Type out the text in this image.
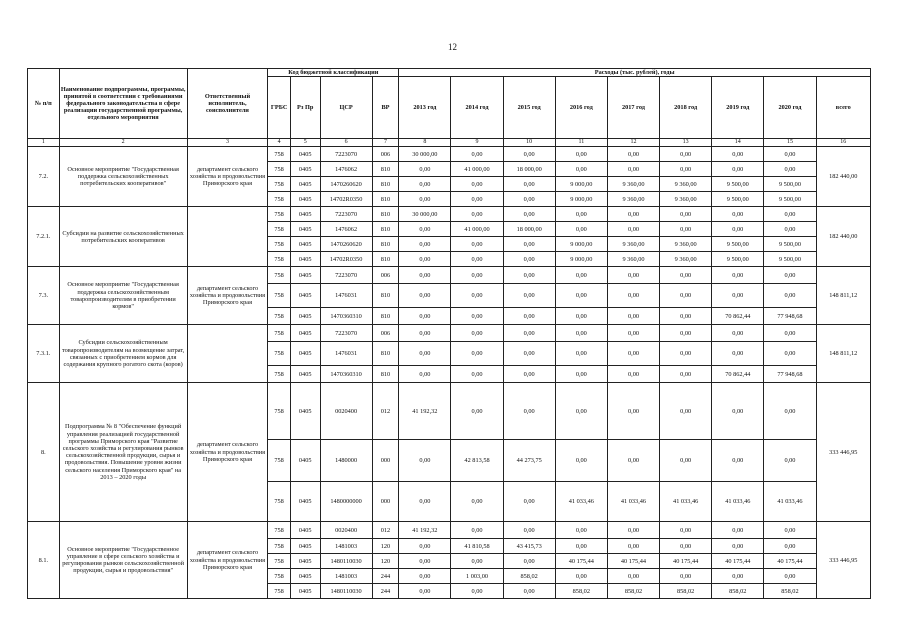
12
№ п/п	Наименование подпрограммы, программы, принятой в соответствии с требованиями федерального законодательства в сфере реализации государственной программы, отдельного мероприятия	Ответственный исполнитель, соисполнители	Код бюджетной классификации				Расходы (тыс. рублей), годы								
			ГРБС	Рз Пр	ЦСР	ВР	2013 год	2014 год	2015 год	2016 год	2017 год	2018 год	2019 год	2020 год	всего
1	2	3	4	5	6	7	8	9	10	11	12	13	14	15	16
7.2.	Основное мероприятие "Государственная поддержка сельскохозяйственных потребительских кооперативов"	департамент сельского хозяйства и продовольствия Приморского края	758	0405	7223070	006	30 000,00	0,00	0,00	0,00	0,00	0,00	0,00	0,00	182 440,00
			758	0405	1476062	810	0,00	41 000,00	18 000,00	0,00	0,00	0,00	0,00	0,00	
			758	0405	1470260620	810	0,00	0,00	0,00	9 000,00	9 360,00	9 360,00	9 500,00	9 500,00	
			758	0405	14702R0350	810	0,00	0,00	0,00	9 000,00	9 360,00	9 360,00	9 500,00	9 500,00	
7.2.1.	Субсидии на развитие сельскохозяйственных потребительских кооперативов		758	0405	7223070	810	30 000,00	0,00	0,00	0,00	0,00	0,00	0,00	0,00	182 440,00
			758	0405	1476062	810	0,00	41 000,00	18 000,00	0,00	0,00	0,00	0,00	0,00	
			758	0405	1470260620	810	0,00	0,00	0,00	9 000,00	9 360,00	9 360,00	9 500,00	9 500,00	
			758	0405	14702R0350	810	0,00	0,00	0,00	9 000,00	9 360,00	9 360,00	9 500,00	9 500,00	
7.3.	Основное мероприятие "Государственная поддержка сельскохозяйственным товаропроизводителям в приобретении кормов"	департамент сельского хозяйства и продовольствия Приморского края	758	0405	7223070	006	0,00	0,00	0,00	0,00	0,00	0,00	0,00	0,00	148 811,12
			758	0405	1476031	810	0,00	0,00	0,00	0,00	0,00	0,00	0,00	0,00	
			758	0405	1470360310	810	0,00	0,00	0,00	0,00	0,00	0,00	70 862,44	77 948,68	
7.3.1.	Субсидии сельскохозяйственным товаропроизводителям на возмещение затрат, связанных с приобретением кормов для содержания крупного рогатого скота (коров)		758	0405	7223070	006	0,00	0,00	0,00	0,00	0,00	0,00	0,00	0,00	148 811,12
			758	0405	1476031	810	0,00	0,00	0,00	0,00	0,00	0,00	0,00	0,00	
			758	0405	1470360310	810	0,00	0,00	0,00	0,00	0,00	0,00	70 862,44	77 948,68	
8.	Подпрограмма № 8 "Обеспечение функций управления реализацией государственной программы Приморского края "Развитие сельского хозяйства и регулирования рынков сельскохозяйственной продукции, сырья и продовольствия. Повышение уровня жизни сельского населения Приморского края" на 2013 – 2020 годы	департамент сельского хозяйства и продовольствия Приморского края	758	0405	0020400	012	41 192,32	0,00	0,00	0,00	0,00	0,00	0,00	0,00	333 446,95
			758	0405	1480000	000	0,00	42 813,58	44 273,75	0,00	0,00	0,00	0,00	0,00	
			758	0405	1480000000	000	0,00	0,00	0,00	41 033,46	41 033,46	41 033,46	41 033,46	41 033,46	
8.1.	Основное мероприятие "Государственное управление в сфере сельского хозяйства и регулирования рынков сельскохозяйственной продукции, сырья и продовольствия"	департамент сельского хозяйства и продовольствия Приморского края	758	0405	0020400	012	41 192,32	0,00	0,00	0,00	0,00	0,00	0,00	0,00	333 446,95
			758	0405	1481003	120	0,00	41 810,58	43 415,73	0,00	0,00	0,00	0,00	0,00	
			758	0405	1480110030	120	0,00	0,00	0,00	40 175,44	40 175,44	40 175,44	40 175,44	40 175,44	
			758	0405	1481003	244	0,00	1 003,00	858,02	0,00	0,00	0,00	0,00	0,00	
			758	0405	1480110030	244	0,00	0,00	0,00	858,02	858,02	858,02	858,02	858,02	
